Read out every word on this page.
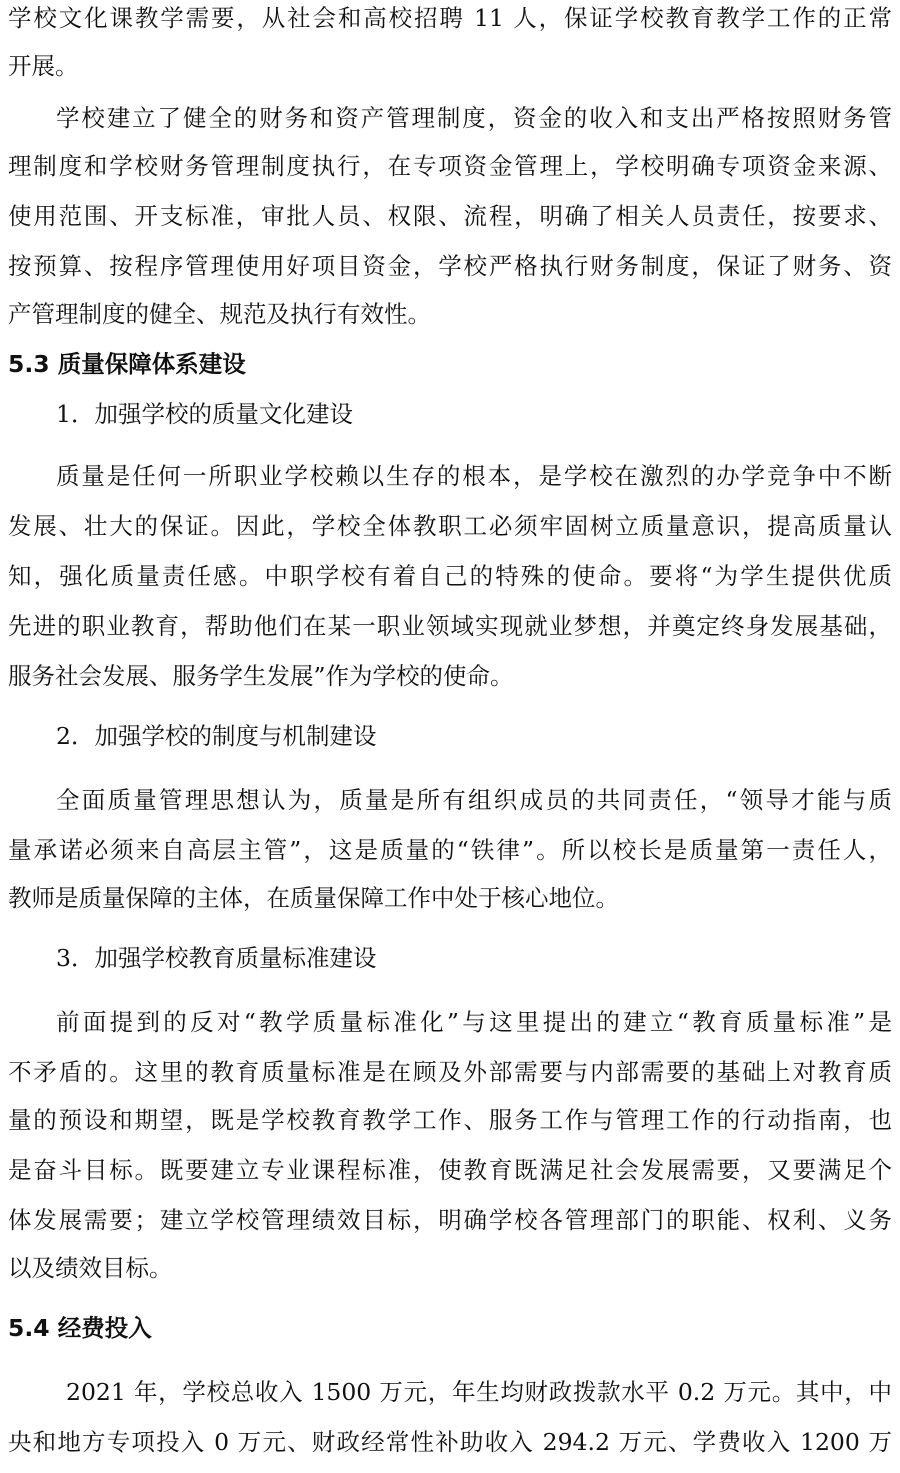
学校文化课教学需要，从社会和高校招聘 11 人，保证学校教育教学工作的正常
开展。
学校建立了健全的财务和资产管理制度，资金的收入和支出严格按照财务管
理制度和学校财务管理制度执行，在专项资金管理上，学校明确专项资金来源、
使用范围、开支标准，审批人员、权限、流程，明确了相关人员责任，按要求、
按预算、按程序管理使用好项目资金，学校严格执行财务制度，保证了财务、资
产管理制度的健全、规范及执行有效性。
5.3 质量保障体系建设
1．加强学校的质量文化建设
质量是任何一所职业学校赖以生存的根本，是学校在激烈的办学竞争中不断
发展、壮大的保证。因此，学校全体教职工必须牢固树立质量意识，提高质量认
知，强化质量责任感。中职学校有着自己的特殊的使命。要将“为学生提供优质
先进的职业教育，帮助他们在某一职业领域实现就业梦想，并奠定终身发展基础，
服务社会发展、服务学生发展”作为学校的使命。
2．加强学校的制度与机制建设
全面质量管理思想认为，质量是所有组织成员的共同责任，“领导才能与质
量承诺必须来自高层主管”，这是质量的“铁律”。所以校长是质量第一责任人，
教师是质量保障的主体，在质量保障工作中处于核心地位。
3．加强学校教育质量标准建设
前面提到的反对“教学质量标准化”与这里提出的建立“教育质量标准”是
不矛盾的。这里的教育质量标准是在顾及外部需要与内部需要的基础上对教育质
量的预设和期望，既是学校教育教学工作、服务工作与管理工作的行动指南，也
是奋斗目标。既要建立专业课程标准，使教育既满足社会发展需要，又要满足个
体发展需要；建立学校管理绩效目标，明确学校各管理部门的职能、权利、义务
以及绩效目标。
5.4 经费投入
2021 年，学校总收入 1500 万元，年生均财政拨款水平 0.2 万元。其中，中
央和地方专项投入 0 万元、财政经常性补助收入 294.2 万元、学费收入 1200 万
